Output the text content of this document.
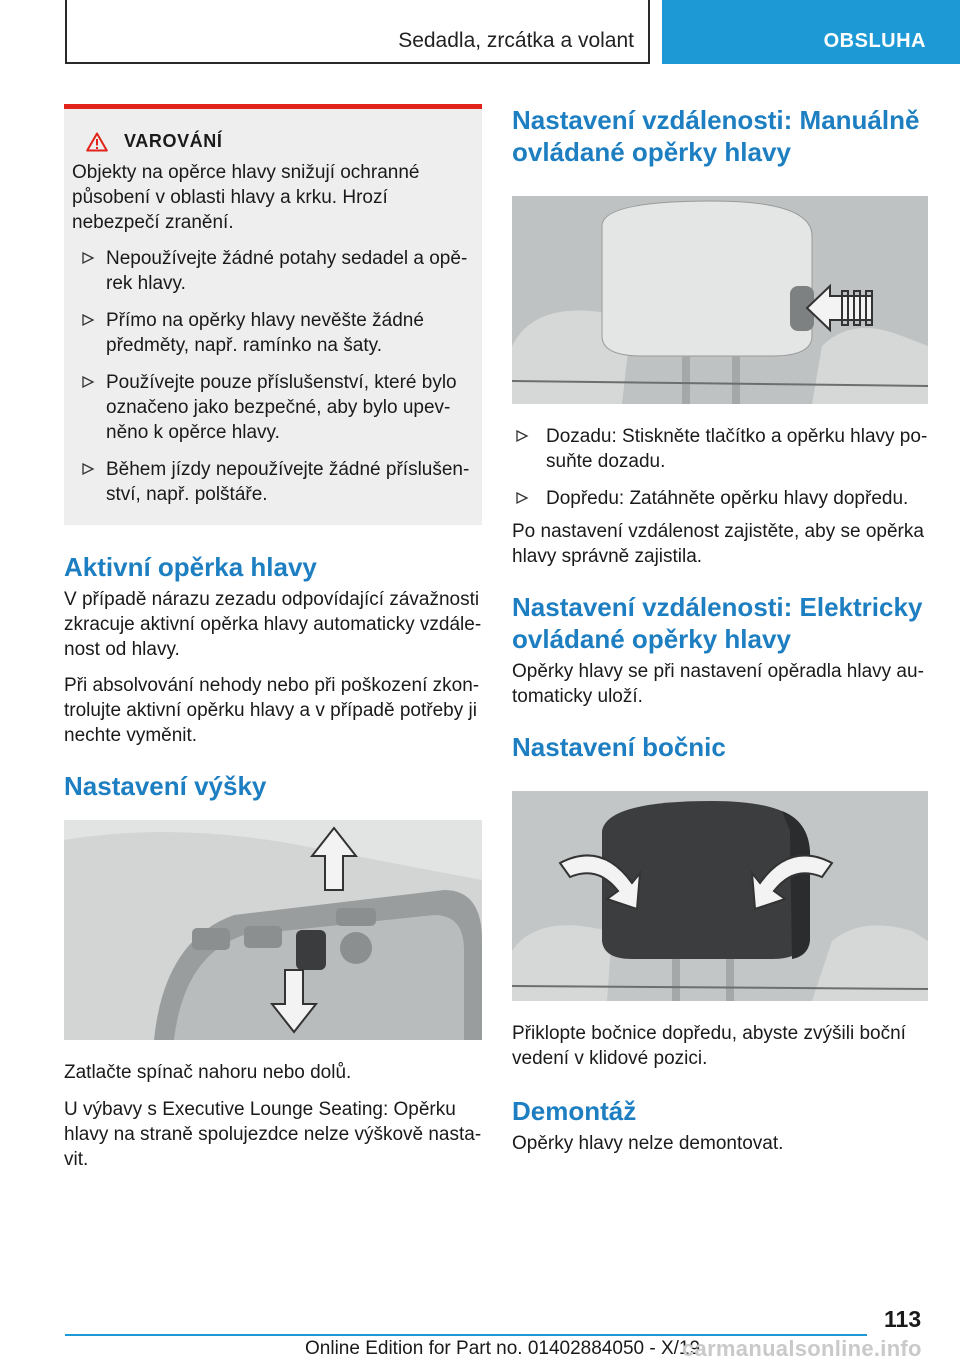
Sedadla, zrcátka a volant	OBSLUHA
VAROVÁNÍ

Objekty na opěrce hlavy snižují ochranné působení v oblasti hlavy a krku. Hrozí nebezpečí zranění.

Nepoužívejte žádné potahy sedadel a opěrek hlavy.
Přímo na opěrky hlavy nevěšte žádné předměty, např. ramínko na šaty.
Používejte pouze příslušenství, které bylo označeno jako bezpečné, aby bylo upevněno k opěrce hlavy.
Během jízdy nepoužívejte žádné příslušenství, např. polštáře.
Aktivní opěrka hlavy

V případě nárazu zezadu odpovídající závažnosti zkracuje aktivní opěrka hlavy automaticky vzdálenost od hlavy.

Při absolvování nehody nebo při poškození zkontrolujte aktivní opěrku hlavy a v případě potřeby ji nechte vyměnit.

Nastavení výšky

Zatlačte spínač nahoru nebo dolů.

U výbavy s Executive Lounge Seating: Opěrku hlavy na straně spolujezdce nelze výškově nastavit.

Nastavení vzdálenosti: Manuálně ovládané opěrky hlavy
Dozadu: Stiskněte tlačítko a opěrku hlavy posuňte dozadu.
Dopředu: Zatáhněte opěrku hlavy dopředu.

Po nastavení vzdálenost zajistěte, aby se opěrka hlavy správně zajistila.

Nastavení vzdálenosti: Elektricky ovládané opěrky hlavy

Opěrky hlavy se při nastavení opěradla hlavy automaticky uloží.

Nastavení bočnic

Přiklopte bočnice dopředu, abyste zvýšili boční vedení v klidové pozici.

Demontáž

Opěrky hlavy nelze demontovat.

113
Online Edition for Part no. 01402884050 - X/19
carmanualsonline.info
